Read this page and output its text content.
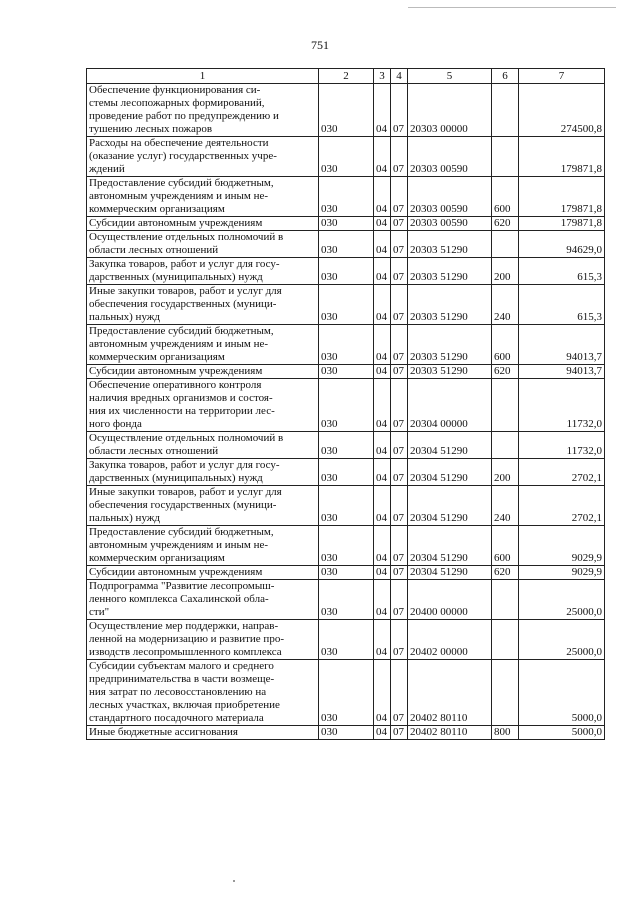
751
1	2	3	4	5	6	7

Обеспечение функционирования си-
стемы лесопожарных формирований,
проведение работ по предупреждению и
тушению лесных пожаров	030	04	07	20303 00000		274500,8

Расходы на обеспечение деятельности
(оказание услуг) государственных учре-
ждений	030	04	07	20303 00590		179871,8

Предоставление субсидий бюджетным,
автономным учреждениям и иным не-
коммерческим организациям	030	04	07	20303 00590	600	179871,8

Субсидии автономным учреждениям	030	04	07	20303 00590	620	179871,8

Осуществление отдельных полномочий в
области лесных отношений	030	04	07	20303 51290		94629,0

Закупка товаров, работ и услуг для госу-
дарственных (муниципальных) нужд	030	04	07	20303 51290	200	615,3

Иные закупки товаров, работ и услуг для
обеспечения государственных (муници-
пальных) нужд	030	04	07	20303 51290	240	615,3

Предоставление субсидий бюджетным,
автономным учреждениям и иным не-
коммерческим организациям	030	04	07	20303 51290	600	94013,7

Субсидии автономным учреждениям	030	04	07	20303 51290	620	94013,7

Обеспечение оперативного контроля
наличия вредных организмов и состоя-
ния их численности на территории лес-
ного фонда	030	04	07	20304 00000		11732,0

Осуществление отдельных полномочий в
области лесных отношений	030	04	07	20304 51290		11732,0

Закупка товаров, работ и услуг для госу-
дарственных (муниципальных) нужд	030	04	07	20304 51290	200	2702,1

Иные закупки товаров, работ и услуг для
обеспечения государственных (муници-
пальных) нужд	030	04	07	20304 51290	240	2702,1

Предоставление субсидий бюджетным,
автономным учреждениям и иным не-
коммерческим организациям	030	04	07	20304 51290	600	9029,9

Субсидии автономным учреждениям	030	04	07	20304 51290	620	9029,9

Подпрограмма "Развитие лесопромыш-
ленного комплекса Сахалинской обла-
сти"	030	04	07	20400 00000		25000,0

Осуществление мер поддержки, направ-
ленной на модернизацию и развитие про-
изводств лесопромышленного комплекса	030	04	07	20402 00000		25000,0

Субсидии субъектам малого и среднего
предпринимательства в части возмеще-
ния затрат по лесовосстановлению на
лесных участках, включая приобретение
стандартного посадочного материала	030	04	07	20402 80110		5000,0

Иные бюджетные ассигнования	030	04	07	20402 80110	800	5000,0
